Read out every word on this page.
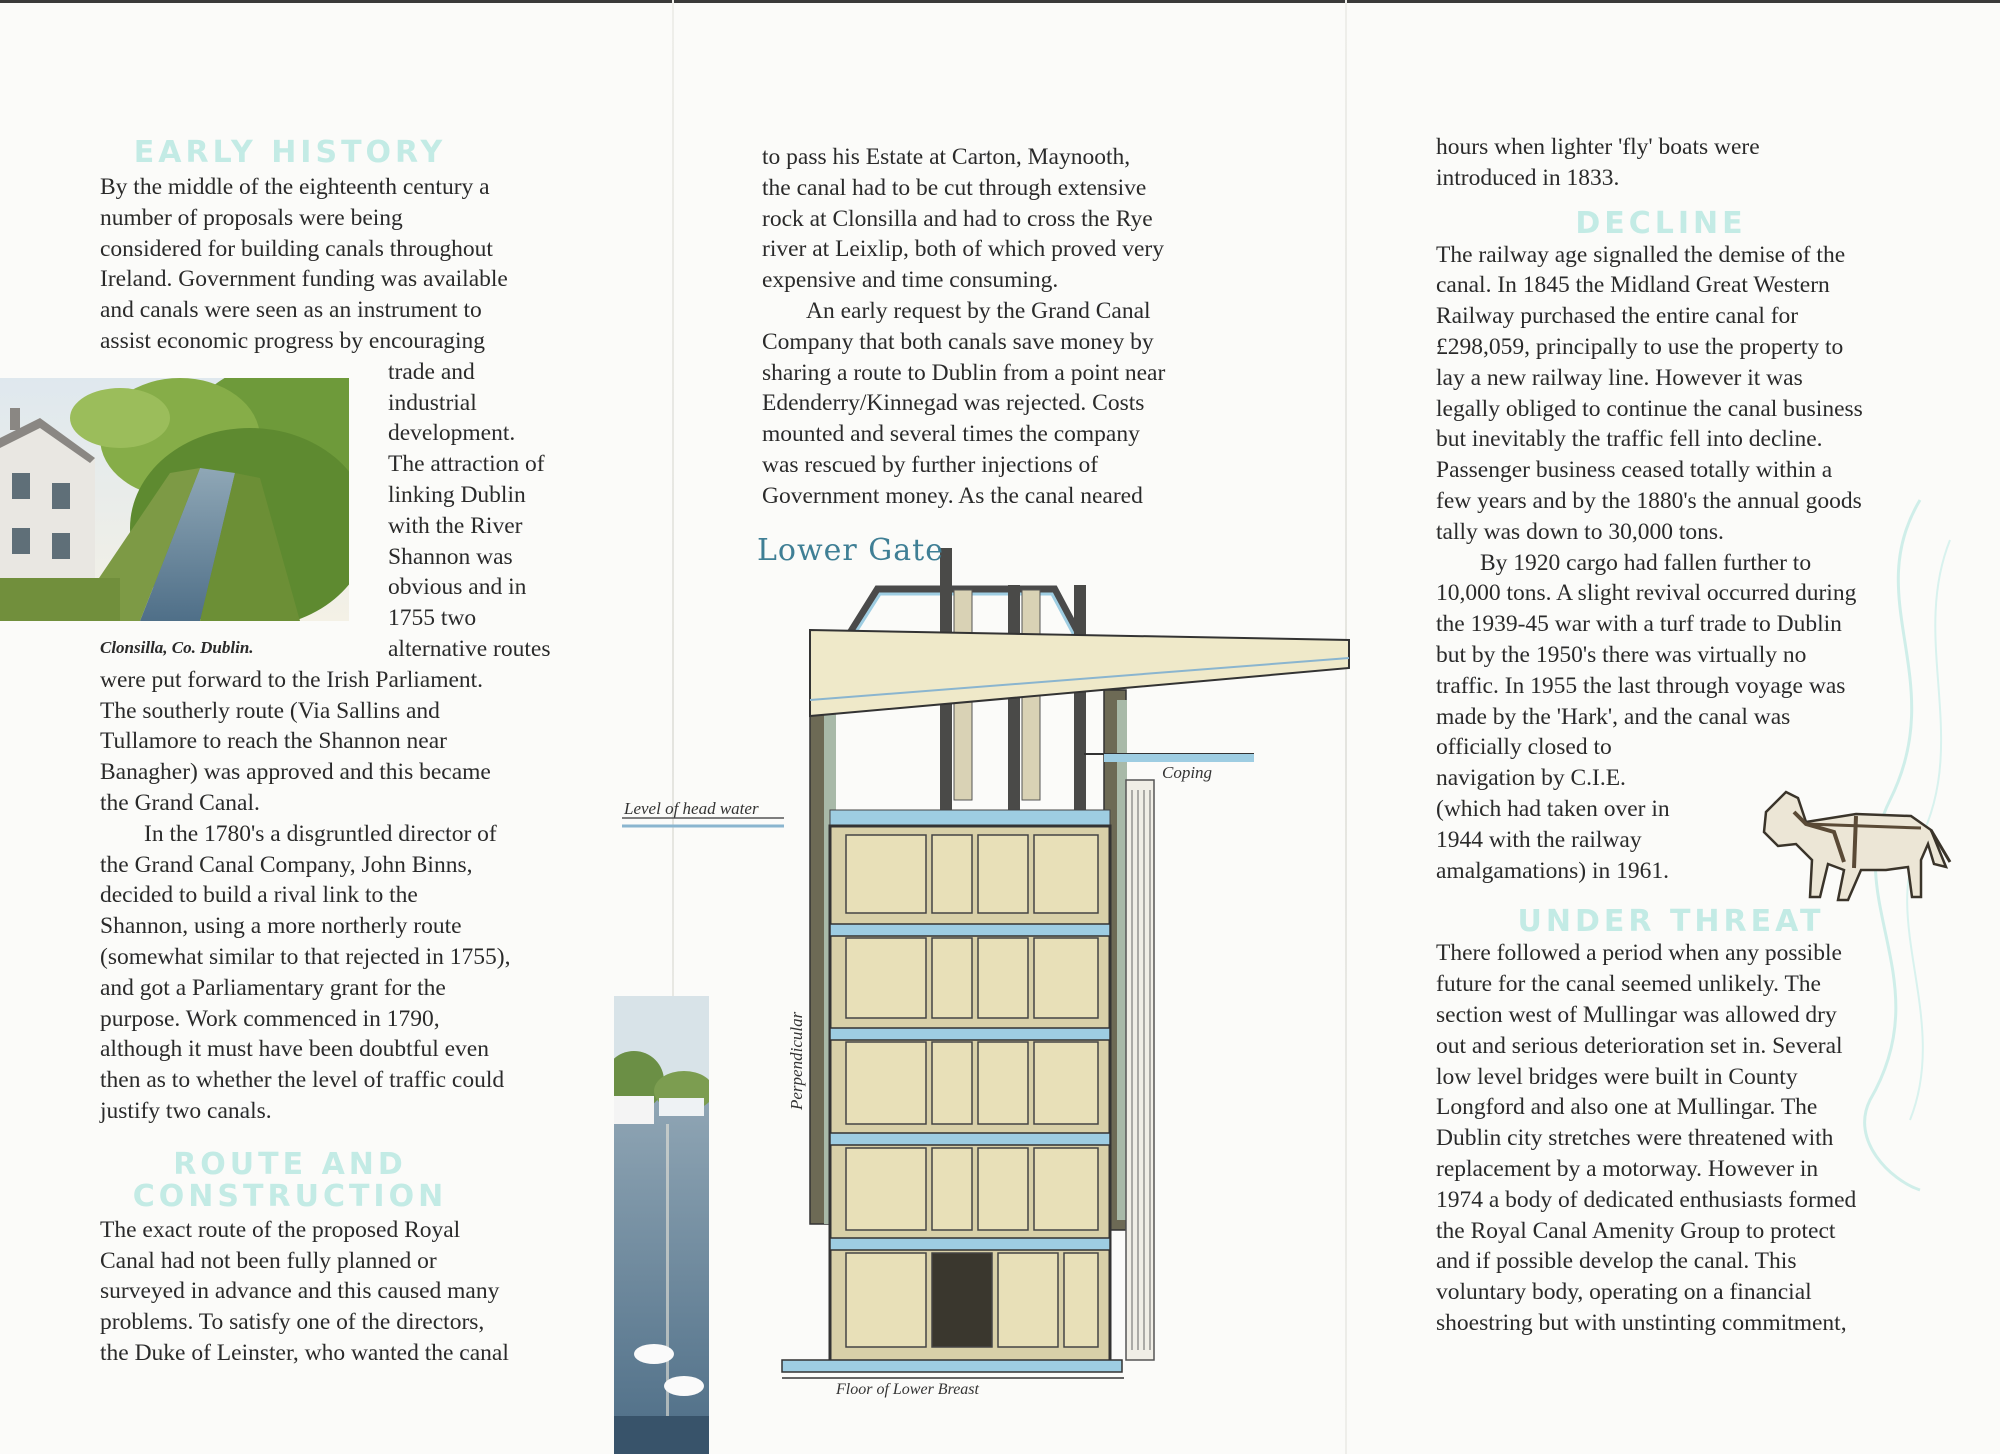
EARLY HISTORY

By the middle of the eighteenth century a

number of proposals were being

considered for building canals throughout

Ireland. Government funding was available

and canals were seen as an instrument to

assist economic progress by encouraging

trade and

industrial

development.

The attraction of

linking Dublin

with the River

Shannon was

obvious and in

1755 two

alternative routes

were put forward to the Irish Parliament.

The southerly route (Via Sallins and

Tullamore to reach the Shannon near

Banagher) was approved and this became

the Grand Canal.

In the 1780's a disgruntled director of

the Grand Canal Company, John Binns,

decided to build a rival link to the

Shannon, using a more northerly route

(somewhat similar to that rejected in 1755),

and got a Parliamentary grant for the

purpose. Work commenced in 1790,

although it must have been doubtful even

then as to whether the level of traffic could

justify two canals.

ROUTE AND

CONSTRUCTION

The exact route of the proposed Royal

Canal had not been fully planned or

surveyed in advance and this caused many

problems. To satisfy one of the directors,

the Duke of Leinster, who wanted the canal

Clonsilla, Co. Dublin.

to pass his Estate at Carton, Maynooth,

the canal had to be cut through extensive

rock at Clonsilla and had to cross the Rye

river at Leixlip, both of which proved very

expensive and time consuming.

An early request by the Grand Canal

Company that both canals save money by

sharing a route to Dublin from a point near

Edenderry/Kinnegad was rejected. Costs

mounted and several times the company

was rescued by further injections of

Government money. As the canal neared

Coping
Floor of Lower Breast
Level of head water
Perpendicular
Lower Gate

hours when lighter 'fly' boats were

introduced in 1833.

DECLINE

The railway age signalled the demise of the

canal. In 1845 the Midland Great Western

Railway purchased the entire canal for

£298,059, principally to use the property to

lay a new railway line. However it was

legally obliged to continue the canal business

but inevitably the traffic fell into decline.

Passenger business ceased totally within a

few years and by the 1880's the annual goods

tally was down to 30,000 tons.

By 1920 cargo had fallen further to

10,000 tons. A slight revival occurred during

the 1939-45 war with a turf trade to Dublin

but by the 1950's there was virtually no

traffic. In 1955 the last through voyage was

made by the 'Hark', and the canal was

officially closed to

navigation by C.I.E.

(which had taken over in

1944 with the railway

amalgamations) in 1961.

UNDER THREAT

There followed a period when any possible

future for the canal seemed unlikely. The

section west of Mullingar was allowed dry

out and serious deterioration set in. Several

low level bridges were built in County

Longford and also one at Mullingar. The

Dublin city stretches were threatened with

replacement by a motorway. However in

1974 a body of dedicated enthusiasts formed

the Royal Canal Amenity Group to protect

and if possible develop the canal. This

voluntary body, operating on a financial

shoestring but with unstinting commitment,
